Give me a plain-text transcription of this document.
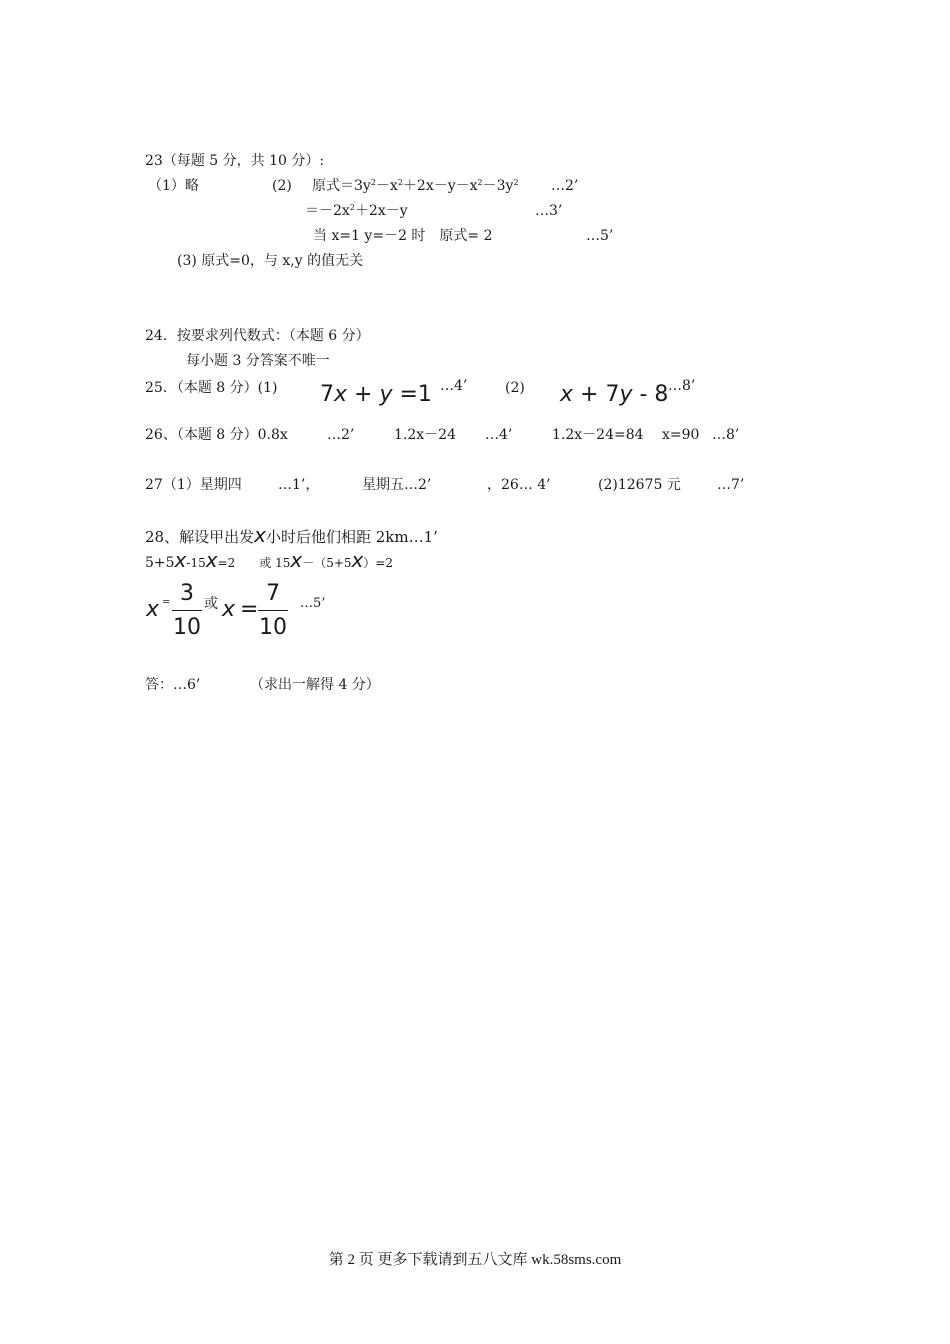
23（每题 5 分，共 10 分）:
（1）略	(2) 原式$=3y^2-x^2+2x-y-x^2-3y^2$ …2’
$=-2x^2+2x-y$	…3’
当 x=1 y=－2 时　原式= 2	…5’
(3) 原式=0，与 x,y 的值无关
24．按要求列代数式：（本题 6 分）
每小题 3 分答案不唯一
25．（本题 8 分）(1) 7x + y =1 …4’	(2) x + 7y - 8 …8’
26、（本题 8 分）0.8x	…2’	1.2x－24 …4’	1.2x－24=84 x=90 …8’
27（1）星期四	…1’，	星期五…2’	，26… 4’	(2)12675 元	…7’
28、解设甲出发x小时后他们相距 2km…1’
5+5x-15x=2　　或 15x－（5+5x）=2
x = 3
10
或 x =
7
10
…5’
答：…6’	（求出一解得 4 分）
第 2 页 更多下载请到五八文库 wk.58sms.com
